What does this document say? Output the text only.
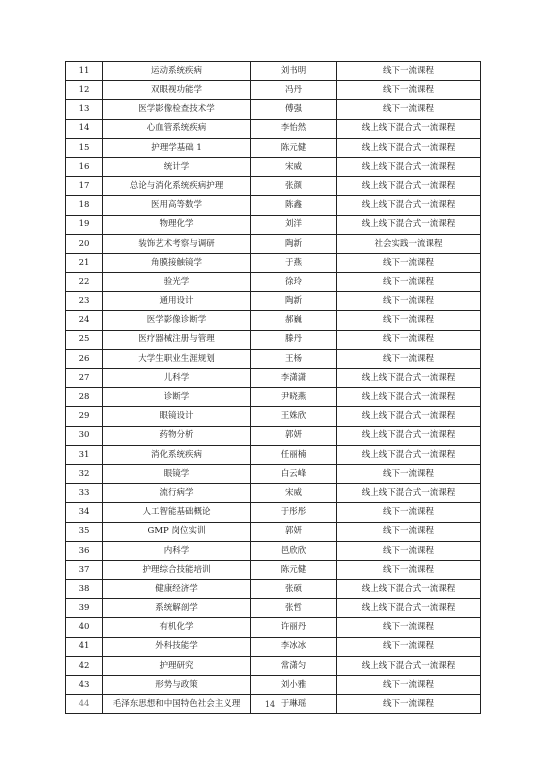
11	运动系统疾病	刘书明	线下一流课程
12	双眼视功能学	冯丹	线下一流课程
13	医学影像检查技术学	傅强	线下一流课程
14	心血管系统疾病	李怡然	线上线下混合式一流课程
15	护理学基础 1	陈元健	线上线下混合式一流课程
16	统计学	宋威	线上线下混合式一流课程
17	总论与消化系统疾病护理	张颜	线上线下混合式一流课程
18	医用高等数学	陈鑫	线上线下混合式一流课程
19	物理化学	刘洋	线上线下混合式一流课程
20	装饰艺术考察与调研	陶新	社会实践一流课程
21	角膜接触镜学	于燕	线下一流课程
22	验光学	徐玲	线下一流课程
23	通用设计	陶新	线下一流课程
24	医学影像诊断学	郝巍	线下一流课程
25	医疗器械注册与管理	滕丹	线下一流课程
26	大学生职业生涯规划	王杨	线下一流课程
27	儿科学	李潇潇	线上线下混合式一流课程
28	诊断学	尹晓燕	线上线下混合式一流课程
29	眼镜设计	王姝欣	线上线下混合式一流课程
30	药物分析	郭妍	线上线下混合式一流课程
31	消化系统疾病	任丽楠	线上线下混合式一流课程
32	眼镜学	白云峰	线下一流课程
33	流行病学	宋威	线上线下混合式一流课程
34	人工智能基础概论	于彤彤	线下一流课程
35	GMP 岗位实训	郭妍	线下一流课程
36	内科学	邑欣欣	线下一流课程
37	护理综合技能培训	陈元健	线下一流课程
38	健康经济学	张硕	线上线下混合式一流课程
39	系统解剖学	张哲	线上线下混合式一流课程
40	有机化学	许丽丹	线下一流课程
41	外科技能学	李冰冰	线下一流课程
42	护理研究	常潇匀	线上线下混合式一流课程
43	形势与政策	刘小雅	线下一流课程
44	毛泽东思想和中国特色社会主义理	于琳瑶	线下一流课程
14
